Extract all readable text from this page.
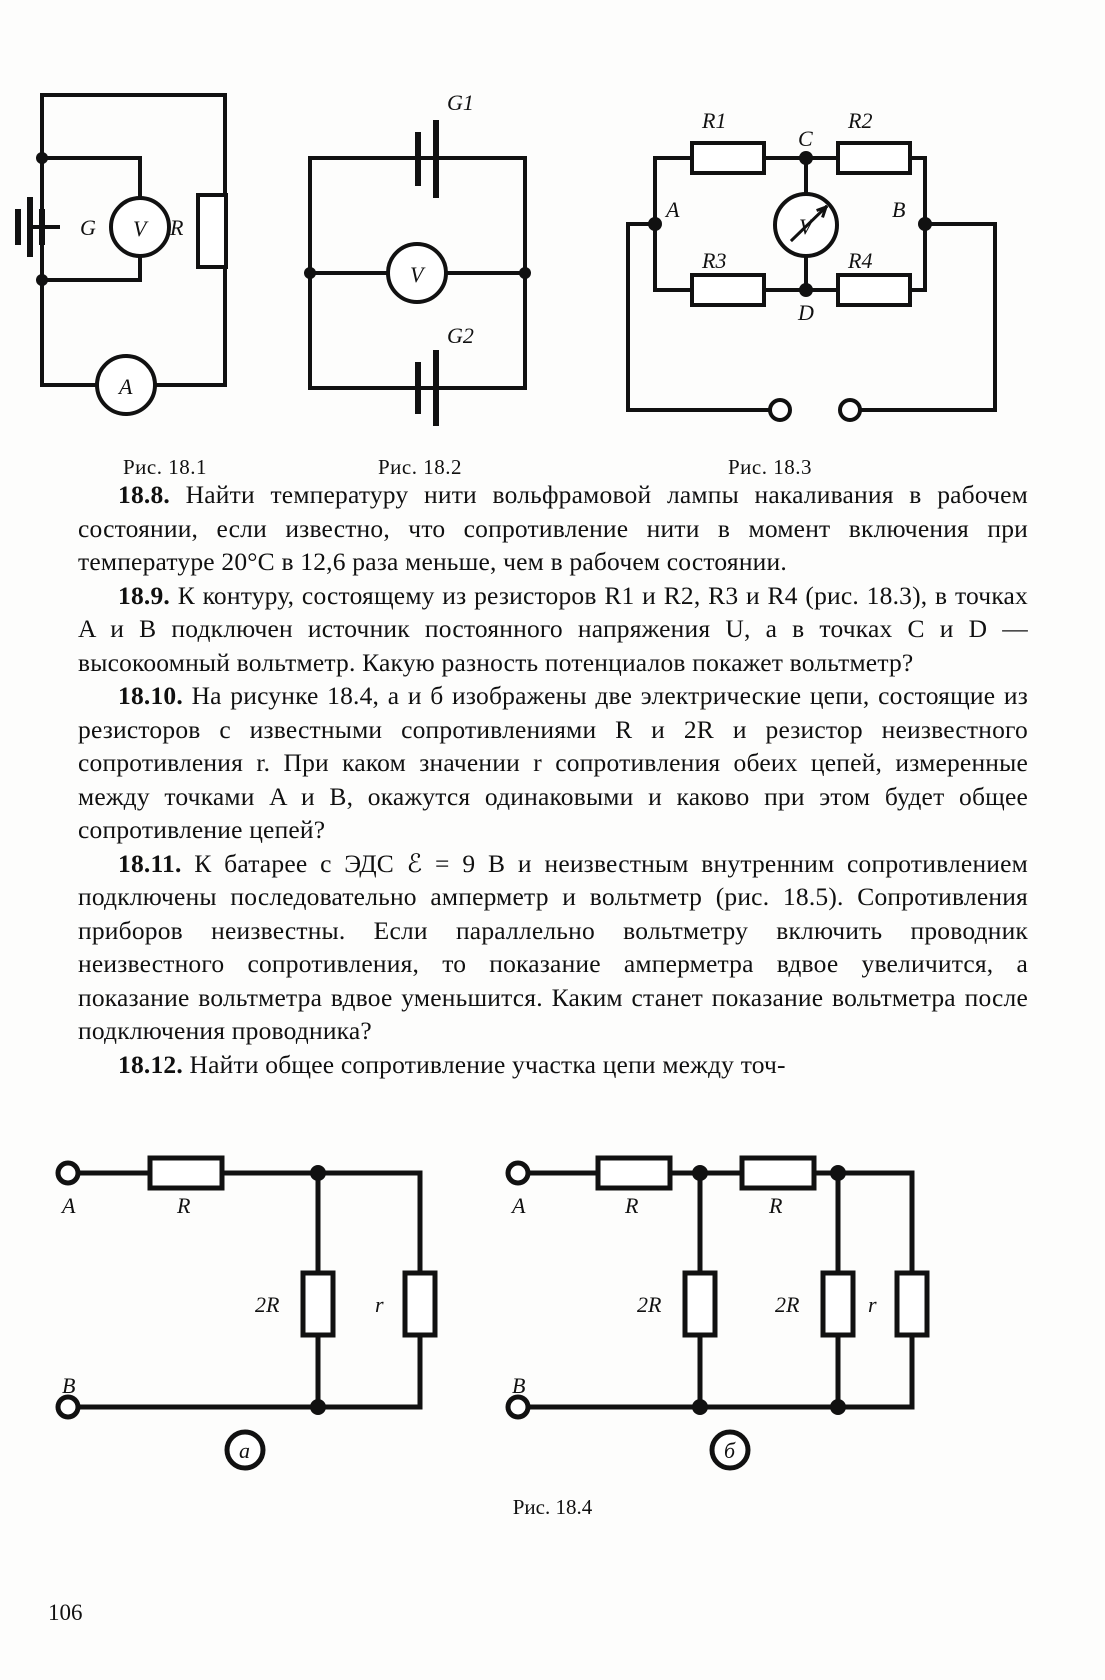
G V R
A
G1
G2
V
R1	R2
R3	R4
A	B
C
D
V
Рис. 18.1	Рис. 18.2	Рис. 18.3

18.8. Найти температуру нити вольфрамовой лампы накаливания в рабочем состоянии, если известно, что сопротивление нити в момент включения при температуре 20°C в 12,6 раза меньше, чем в рабочем состоянии.

18.9. К контуру, состоящему из резисторов R1 и R2, R3 и R4 (рис. 18.3), в точках A и B подключен источник постоянного напряжения U, а в точках C и D — высокоомный вольтметр. Какую разность потенциалов покажет вольтметр?

18.10. На рисунке 18.4, а и б изображены две электрические цепи, состоящие из резисторов с известными сопротивлениями R и 2R и резистор неизвестного сопротивления r. При каком значении r сопротивления обеих цепей, измеренные между точками A и B, окажутся одинаковыми и каково при этом будет общее сопротивление цепей?

18.11. К батарее с ЭДС ℰ = 9 В и неизвестным внутренним сопротивлением подключены последовательно амперметр и вольтметр (рис. 18.5). Сопротивления приборов неизвестны. Если параллельно вольтметру включить проводник неизвестного сопротивления, то показание амперметра вдвое увеличится, а показание вольтметра вдвое уменьшится. Каким станет показание вольтметра после подключения проводника?

18.12. Найти общее сопротивление участка цепи между точ-

A
B
R
2R	r
а
A
B
R	R
2R	2R	r
б
Рис. 18.4
106
